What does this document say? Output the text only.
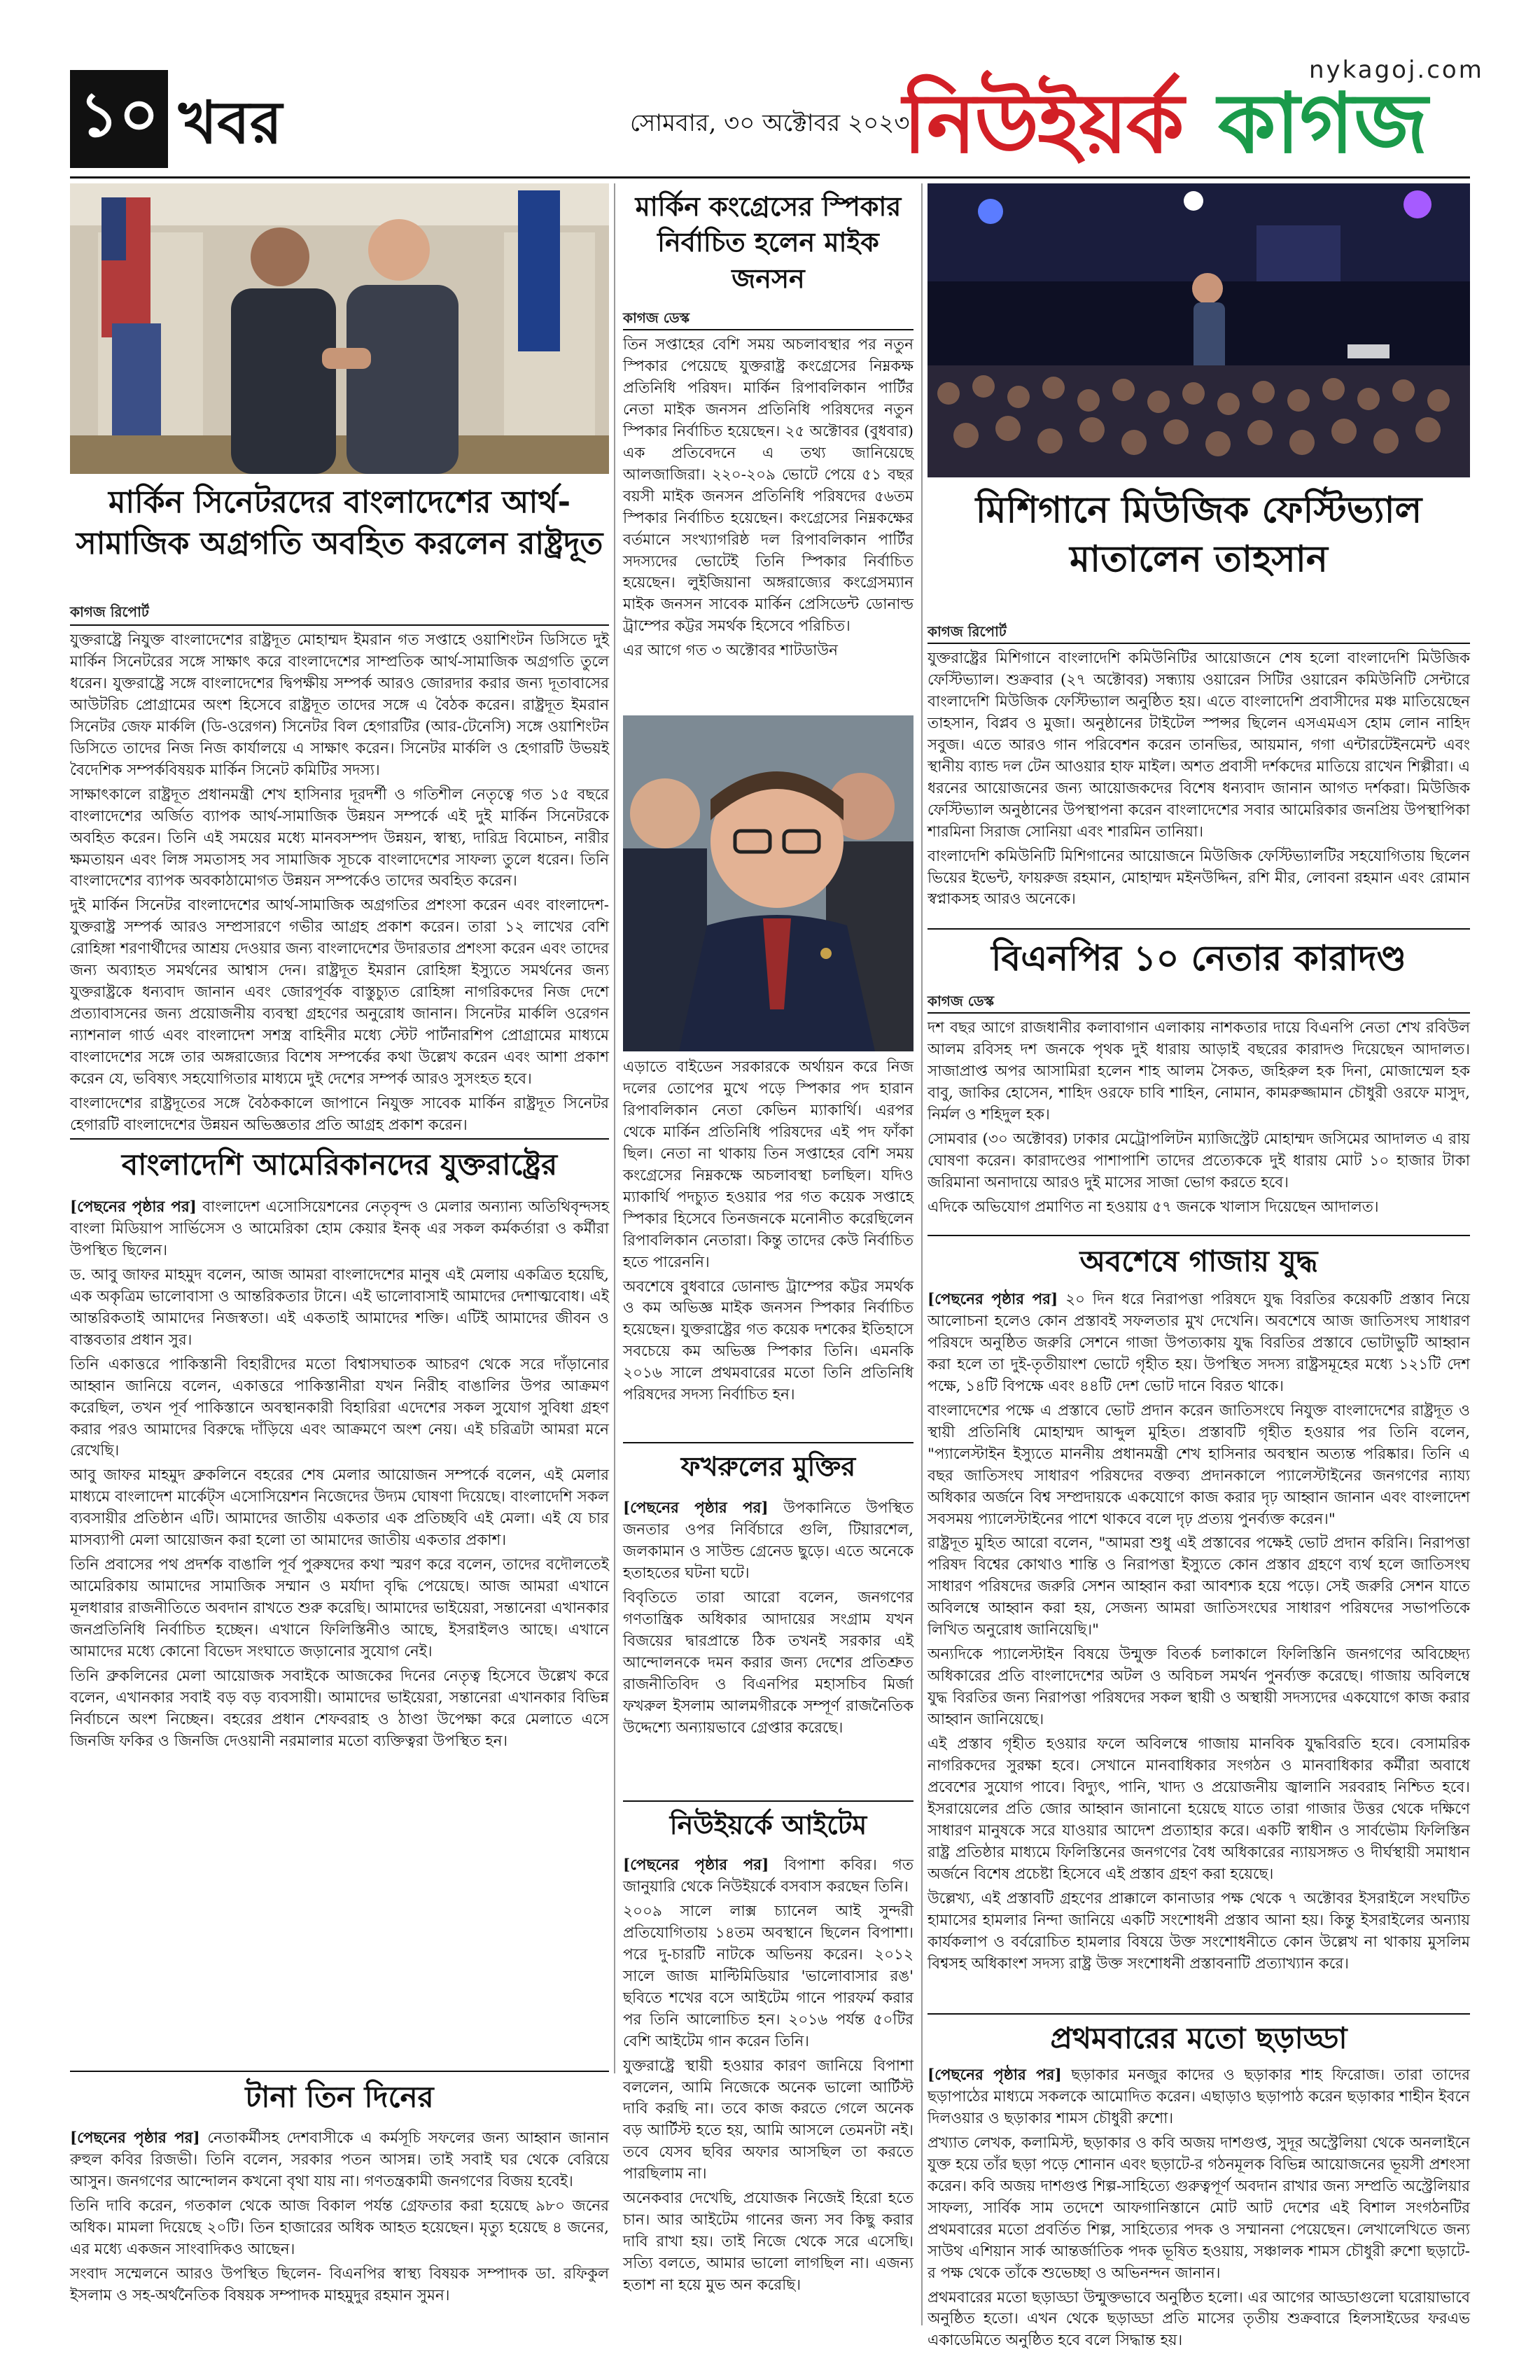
১০ খবর	সোমবার, ৩০ অক্টোবর ২০২৩
নিউইয়র্ক কাগজ
nykagoj.com
মার্কিন সিনেটরদের বাংলাদেশের আর্থ-সামাজিক অগ্রগতি অবহিত করলেন রাষ্ট্রদূত
কাগজ রিপোর্ট

যুক্তরাষ্ট্রে নিযুক্ত বাংলাদেশের রাষ্ট্রদূত মোহাম্মদ ইমরান গত সপ্তাহে ওয়াশিংটন ডিসিতে দুই মার্কিন সিনেটরের সঙ্গে সাক্ষাৎ করে বাংলাদেশের সাম্প্রতিক আর্থ-সামাজিক অগ্রগতি তুলে ধরেন। যুক্তরাষ্ট্রে সঙ্গে বাংলাদেশের দ্বিপক্ষীয় সম্পর্ক আরও জোরদার করার জন্য দূতাবাসের আউটরিচ প্রোগ্রামের অংশ হিসেবে রাষ্ট্রদূত তাদের সঙ্গে এ বৈঠক করেন। রাষ্ট্রদূত ইমরান সিনেটর জেফ মার্কলি (ডি-ওরেগন) সিনেটর বিল হেগারটির (আর-টেনেসি) সঙ্গে ওয়াশিংটন ডিসিতে তাদের নিজ নিজ কার্যালয়ে এ সাক্ষাৎ করেন। সিনেটর মার্কলি ও হেগারটি উভয়ই বৈদেশিক সম্পর্কবিষয়ক মার্কিন সিনেট কমিটির সদস্য।

সাক্ষাৎকালে রাষ্ট্রদূত প্রধানমন্ত্রী শেখ হাসিনার দূরদর্শী ও গতিশীল নেতৃত্বে গত ১৫ বছরে বাংলাদেশের অর্জিত ব্যাপক আর্থ-সামাজিক উন্নয়ন সম্পর্কে এই দুই মার্কিন সিনেটরকে অবহিত করেন। তিনি এই সময়ের মধ্যে মানবসম্পদ উন্নয়ন, স্বাস্থ্য, দারিদ্র বিমোচন, নারীর ক্ষমতায়ন এবং লিঙ্গ সমতাসহ সব সামাজিক সূচকে বাংলাদেশের সাফল্য তুলে ধরেন। তিনি বাংলাদেশের ব্যাপক অবকাঠামোগত উন্নয়ন সম্পর্কেও তাদের অবহিত করেন।

দুই মার্কিন সিনেটর বাংলাদেশের আর্থ-সামাজিক অগ্রগতির প্রশংসা করেন এবং বাংলাদেশ-যুক্তরাষ্ট্র সম্পর্ক আরও সম্প্রসারণে গভীর আগ্রহ প্রকাশ করেন। তারা ১২ লাখের বেশি রোহিঙ্গা শরণার্থীদের আশ্রয় দেওয়ার জন্য বাংলাদেশের উদারতার প্রশংসা করেন এবং তাদের জন্য অব্যাহত সমর্থনের আশ্বাস দেন। রাষ্ট্রদূত ইমরান রোহিঙ্গা ইস্যুতে সমর্থনের জন্য যুক্তরাষ্ট্রকে ধন্যবাদ জানান এবং জোরপূর্বক বাস্তুচ্যুত রোহিঙ্গা নাগরিকদের নিজ দেশে প্রত্যাবাসনের জন্য প্রয়োজনীয় ব্যবস্থা গ্রহণের অনুরোধ জানান। সিনেটর মার্কলি ওরেগন ন্যাশনাল গার্ড এবং বাংলাদেশ সশস্ত্র বাহিনীর মধ্যে স্টেট পার্টনারশিপ প্রোগ্রামের মাধ্যমে বাংলাদেশের সঙ্গে তার অঙ্গরাজ্যের বিশেষ সম্পর্কের কথা উল্লেখ করেন এবং আশা প্রকাশ করেন যে, ভবিষ্যৎ সহযোগিতার মাধ্যমে দুই দেশের সম্পর্ক আরও সুসংহত হবে।

বাংলাদেশের রাষ্ট্রদূতের সঙ্গে বৈঠককালে জাপানে নিযুক্ত সাবেক মার্কিন রাষ্ট্রদূত সিনেটর হেগারটি বাংলাদেশের উন্নয়ন অভিজ্ঞতার প্রতি আগ্রহ প্রকাশ করেন।

বাংলাদেশি আমেরিকানদের যুক্তরাষ্ট্রের

[পেছনের পৃষ্ঠার পর] বাংলাদেশ এসোসিয়েশনের নেতৃবৃন্দ ও মেলার অন্যান্য অতিথিবৃন্দসহ বাংলা মিডিয়াপ সার্ভিসেস ও আমেরিকা হোম কেয়ার ইনক্‌ এর সকল কর্মকর্তারা ও কর্মীরা উপস্থিত ছিলেন।

ড. আবু জাফর মাহমুদ বলেন, আজ আমরা বাংলাদেশের মানুষ এই মেলায় একত্রিত হয়েছি, এক অকৃত্রিম ভালোবাসা ও আন্তরিকতার টানে। এই ভালোবাসাই আমাদের দেশাত্মবোধ। এই আন্তরিকতাই আমাদের নিজস্বতা। এই একতাই আমাদের শক্তি। এটিই আমাদের জীবন ও বাস্তবতার প্রধান সুর।

তিনি একাত্তরে পাকিস্তানী বিহারীদের মতো বিশ্বাসঘাতক আচরণ থেকে সরে দাঁড়ানোর আহ্বান জানিয়ে বলেন, একাত্তরে পাকিস্তানীরা যখন নিরীহ বাঙালির উপর আক্রমণ করেছিল, তখন পূর্ব পাকিস্তানে অবস্থানকারী বিহারিরা এদেশের সকল সুযোগ সুবিধা গ্রহণ করার পরও আমাদের বিরুদ্ধে দাঁড়িয়ে এবং আক্রমণে অংশ নেয়। এই চরিত্রটা আমরা মনে রেখেছি।

আবু জাফর মাহমুদ ব্রুকলিনে বহরের শেষ মেলার আয়োজন সম্পর্কে বলেন, এই মেলার মাধ্যমে বাংলাদেশ মার্কেট্‌স এসোসিয়েশন নিজেদের উদ্যম ঘোষণা দিয়েছে। বাংলাদেশি সকল ব্যবসায়ীর প্রতিষ্ঠান এটি। আমাদের জাতীয় একতার এক প্রতিচ্ছবি এই মেলা। এই যে চার মাসব্যাপী মেলা আয়োজন করা হলো তা আমাদের জাতীয় একতার প্রকাশ।

তিনি প্রবাসের পথ প্রদর্শক বাঙালি পূর্ব পুরুষদের কথা স্মরণ করে বলেন, তাদের বদৌলতেই আমেরিকায় আমাদের সামাজিক সম্মান ও মর্যাদা বৃদ্ধি পেয়েছে। আজ আমরা এখানে মূলধারার রাজনীতিতে অবদান রাখতে শুরু করেছি। আমাদের ভাইয়েরা, সন্তানেরা এখানকার জনপ্রতিনিধি নির্বাচিত হচ্ছেন। এখানে ফিলিস্তিনীও আছে, ইসরাইলও আছে। এখানে আমাদের মধ্যে কোনো বিভেদ সংঘাতে জড়ানোর সুযোগ নেই।

তিনি ব্রুকলিনের মেলা আয়োজক সবাইকে আজকের দিনের নেতৃত্ব হিসেবে উল্লেখ করে বলেন, এখানকার সবাই বড় বড় ব্যবসায়ী। আমাদের ভাইয়েরা, সন্তানেরা এখানকার বিভিন্ন নির্বাচনে অংশ নিচ্ছেন। বহরের প্রধান শেফবরাহ ও ঠাণ্ডা উপেক্ষা করে মেলাতে এসে জিনজি ফকির ও জিনজি দেওয়ানী নরমালার মতো ব্যক্তিত্বরা উপস্থিত হন।

টানা তিন দিনের

[পেছনের পৃষ্ঠার পর] নেতাকর্মীসহ দেশবাসীকে এ কর্মসূচি সফলের জন্য আহ্বান জানান রুহুল কবির রিজভী। তিনি বলেন, সরকার পতন আসন্ন। তাই সবাই ঘর থেকে বেরিয়ে আসুন। জনগণের আন্দোলন কখনো বৃথা যায় না। গণতন্ত্রকামী জনগণের বিজয় হবেই।

তিনি দাবি করেন, গতকাল থেকে আজ বিকাল পর্যন্ত গ্রেফতার করা হয়েছে ৯৮০ জনের অধিক। মামলা দিয়েছে ২০টি। তিন হাজারের অধিক আহত হয়েছেন। মৃত্যু হয়েছে ৪ জনের, এর মধ্যে একজন সাংবাদিকও আছেন।

সংবাদ সম্মেলনে আরও উপস্থিত ছিলেন- বিএনপির স্বাস্থ্য বিষয়ক সম্পাদক ডা. রফিকুল ইসলাম ও সহ-অর্থনৈতিক বিষয়ক সম্পাদক মাহমুদুর রহমান সুমন।

মার্কিন কংগ্রেসের স্পিকার নির্বাচিত হলেন মাইক জনসন
কাগজ ডেস্ক

তিন সপ্তাহের বেশি সময় অচলাবস্থার পর নতুন স্পিকার পেয়েছে যুক্তরাষ্ট্র কংগ্রেসের নিম্নকক্ষ প্রতিনিধি পরিষদ। মার্কিন রিপাবলিকান পার্টির নেতা মাইক জনসন প্রতিনিধি পরিষদের নতুন স্পিকার নির্বাচিত হয়েছেন। ২৫ অক্টোবর (বুধবার) এক প্রতিবেদনে এ তথ্য জানিয়েছে আলজাজিরা। ২২০-২০৯ ভোটে পেয়ে ৫১ বছর বয়সী মাইক জনসন প্রতিনিধি পরিষদের ৫৬তম স্পিকার নির্বাচিত হয়েছেন। কংগ্রেসের নিম্নকক্ষের বর্তমানে সংখ্যাগরিষ্ঠ দল রিপাবলিকান পার্টির সদস্যদের ভোটেই তিনি স্পিকার নির্বাচিত হয়েছেন। লুইজিয়ানা অঙ্গরাজ্যের কংগ্রেসম্যান মাইক জনসন সাবেক মার্কিন প্রেসিডেন্ট ডোনাল্ড ট্রাম্পের কট্টর সমর্থক হিসেবে পরিচিত।

এর আগে গত ৩ অক্টোবর শাটডাউন

এড়াতে বাইডেন সরকারকে অর্থায়ন করে নিজ দলের তোপের মুখে পড়ে স্পিকার পদ হারান রিপাবলিকান নেতা কেভিন ম্যাকার্থি। এরপর থেকে মার্কিন প্রতিনিধি পরিষদের এই পদ ফাঁকা ছিল। নেতা না থাকায় তিন সপ্তাহের বেশি সময় কংগ্রেসের নিম্নকক্ষে অচলাবস্থা চলছিল। যদিও ম্যাকার্থি পদচ্যুত হওয়ার পর গত কয়েক সপ্তাহে স্পিকার হিসেবে তিনজনকে মনোনীত করেছিলেন রিপাবলিকান নেতারা। কিন্তু তাদের কেউ নির্বাচিত হতে পারেননি।

অবশেষে বুধবারে ডোনাল্ড ট্রাম্পের কট্টর সমর্থক ও কম অভিজ্ঞ মাইক জনসন স্পিকার নির্বাচিত হয়েছেন। যুক্তরাষ্ট্রের গত কয়েক দশকের ইতিহাসে সবচেয়ে কম অভিজ্ঞ স্পিকার তিনি। এমনকি ২০১৬ সালে প্রথমবারের মতো তিনি প্রতিনিধি পরিষদের সদস্য নির্বাচিত হন।

ফখরুলের মুক্তির

[পেছনের পৃষ্ঠার পর] উপকানিতে উপস্থিত জনতার ওপর নির্বিচারে গুলি, টিয়ারশেল, জলকামান ও সাউন্ড গ্রেনেড ছুড়ে। এতে অনেকে হতাহতের ঘটনা ঘটে।

বিবৃতিতে তারা আরো বলেন, জনগণের গণতান্ত্রিক অধিকার আদায়ের সংগ্রাম যখন বিজয়ের দ্বারপ্রান্তে ঠিক তখনই সরকার এই আন্দোলনকে দমন করার জন্য দেশের প্রতিশ্রুত রাজনীতিবিদ ও বিএনপির মহাসচিব মির্জা ফখরুল ইসলাম আলমগীরকে সম্পূর্ণ রাজনৈতিক উদ্দেশ্যে অন্যায়ভাবে গ্রেপ্তার করেছে।

নিউইয়র্কে আইটেম

[পেছনের পৃষ্ঠার পর] বিপাশা কবির। গত জানুয়ারি থেকে নিউইয়র্কে বসবাস করছেন তিনি।

২০০৯ সালে লাক্স চ্যানেল আই সুন্দরী প্রতিযোগিতায় ১৪তম অবস্থানে ছিলেন বিপাশা। পরে দু-চারটি নাটকে অভিনয় করেন। ২০১২ সালে জাজ মাল্টিমিডিয়ার 'ভালোবাসার রঙ' ছবিতে শখের বসে আইটেম গানে পারফর্ম করার পর তিনি আলোচিত হন। ২০১৬ পর্যন্ত ৫০টির বেশি আইটেম গান করেন তিনি।

যুক্তরাষ্ট্রে স্থায়ী হওয়ার কারণ জানিয়ে বিপাশা বললেন, আমি নিজেকে অনেক ভালো আর্টিস্ট দাবি করছি না। তবে কাজ করতে গেলে অনেক বড় আর্টিস্ট হতে হয়, আমি আসলে তেমনটা নই। তবে যেসব ছবির অফার আসছিল তা করতে পারছিলাম না।

অনেকবার দেখেছি, প্রযোজক নিজেই হিরো হতে চান। আর আইটেম গানের জন্য সব কিছু করার দাবি রাখা হয়। তাই নিজে থেকে সরে এসেছি। সত্যি বলতে, আমার ভালো লাগছিল না। এজন্য হতাশ না হয়ে মুভ অন করেছি।

মিশিগানে মিউজিক ফেস্টিভ্যাল মাতালেন তাহসান
কাগজ রিপোর্ট

যুক্তরাষ্ট্রের মিশিগানে বাংলাদেশি কমিউনিটির আয়োজনে শেষ হলো বাংলাদেশি মিউজিক ফেস্টিভ্যাল। শুক্রবার (২৭ অক্টোবর) সন্ধ্যায় ওয়ারেন সিটির ওয়ারেন কমিউনিটি সেন্টারে বাংলাদেশি মিউজিক ফেস্টিভ্যাল অনুষ্ঠিত হয়। এতে বাংলাদেশি প্রবাসীদের মঞ্চ মাতিয়েছেন তাহসান, বিপ্লব ও মুজা। অনুষ্ঠানের টাইটেল স্পন্সর ছিলেন এসএমএস হোম লোন নাহিদ সবুজ। এতে আরও গান পরিবেশন করেন তানভির, আয়মান, গগা এন্টারটেইনমেন্ট এবং স্থানীয় ব্যান্ড দল টেন আওয়ার হাফ মাইল। অশত প্রবাসী দর্শকদের মাতিয়ে রাখেন শিল্পীরা। এ ধরনের আয়োজনের জন্য আয়োজকদের বিশেষ ধন্যবাদ জানান আগত দর্শকরা। মিউজিক ফেস্টিভ্যাল অনুষ্ঠানের উপস্থাপনা করেন বাংলাদেশের সবার আমেরিকার জনপ্রিয় উপস্থাপিকা শারমিনা সিরাজ সোনিয়া এবং শারমিন তানিয়া।

বাংলাদেশি কমিউনিটি মিশিগানের আয়োজনে মিউজিক ফেস্টিভ্যালটির সহযোগিতায় ছিলেন ভিয়ের ইভেন্ট, ফায়রুজ রহমান, মোহাম্মদ মইনউদ্দিন, রশি মীর, লোবনা রহমান এবং রোমান স্বপ্নাকসহ আরও অনেকে।

বিএনপির ১০ নেতার কারাদণ্ড
কাগজ ডেস্ক

দশ বছর আগে রাজধানীর কলাবাগান এলাকায় নাশকতার দায়ে বিএনপি নেতা শেখ রবিউল আলম রবিসহ দশ জনকে পৃথক দুই ধারায় আড়াই বছরের কারাদণ্ড দিয়েছেন আদালত। সাজাপ্রাপ্ত অপর আসামিরা হলেন শাহ আলম সৈকত, জহিরুল হক দিনা, মোজাম্মেল হক বাবু, জাকির হোসেন, শাহিদ ওরফে চাবি শাহিন, নোমান, কামরুজ্জামান চৌধুরী ওরফে মাসুদ, নির্মল ও শহিদুল হক।

সোমবার (৩০ অক্টোবর) ঢাকার মেট্রোপলিটন ম্যাজিস্ট্রেট মোহাম্মদ জসিমের আদালত এ রায় ঘোষণা করেন। কারাদণ্ডের পাশাপাশি তাদের প্রত্যেককে দুই ধারায় মোট ১০ হাজার টাকা জরিমানা অনাদায়ে আরও দুই মাসের সাজা ভোগ করতে হবে।

এদিকে অভিযোগ প্রমাণিত না হওয়ায় ৫৭ জনকে খালাস দিয়েছেন আদালত।

অবশেষে গাজায় যুদ্ধ

[পেছনের পৃষ্ঠার পর] ২০ দিন ধরে নিরাপত্তা পরিষদে যুদ্ধ বিরতির কয়েকটি প্রস্তাব নিয়ে আলোচনা হলেও কোন প্রস্তাবই সফলতার মুখ দেখেনি। অবশেষে আজ জাতিসংঘ সাধারণ পরিষদে অনুষ্ঠিত জরুরি সেশনে গাজা উপত্যকায় যুদ্ধ বিরতির প্রস্তাবে ভোটাভুটি আহ্বান করা হলে তা দুই-তৃতীয়াংশ ভোটে গৃহীত হয়। উপস্থিত সদস্য রাষ্ট্রসমূহের মধ্যে ১২১টি দেশ পক্ষে, ১৪টি বিপক্ষে এবং ৪৪টি দেশ ভোট দানে বিরত থাকে।

বাংলাদেশের পক্ষে এ প্রস্তাবে ভোট প্রদান করেন জাতিসংঘে নিযুক্ত বাংলাদেশের রাষ্ট্রদূত ও স্থায়ী প্রতিনিধি মোহাম্মদ আব্দুল মুহিত। প্রস্তাবটি গৃহীত হওয়ার পর তিনি বলেন, "প্যালেস্টাইন ইস্যুতে মাননীয় প্রধানমন্ত্রী শেখ হাসিনার অবস্থান অত্যন্ত পরিষ্কার। তিনি এ বছর জাতিসংঘ সাধারণ পরিষদের বক্তব্য প্রদানকালে প্যালেস্টাইনের জনগণের ন্যায্য অধিকার অর্জনে বিশ্ব সম্প্রদায়কে একযোগে কাজ করার দৃঢ় আহ্বান জানান এবং বাংলাদেশ সবসময় প্যালেস্টাইনের পাশে থাকবে বলে দৃঢ় প্রত্যয় পুনর্ব্যক্ত করেন।"

রাষ্ট্রদূত মুহিত আরো বলেন, "আমরা শুধু এই প্রস্তাবের পক্ষেই ভোট প্রদান করিনি। নিরাপত্তা পরিষদ বিশ্বের কোথাও শান্তি ও নিরাপত্তা ইস্যুতে কোন প্রস্তাব গ্রহণে ব্যর্থ হলে জাতিসংঘ সাধারণ পরিষদের জরুরি সেশন আহ্বান করা আবশ্যক হয়ে পড়ে। সেই জরুরি সেশন যাতে অবিলম্বে আহ্বান করা হয়, সেজন্য আমরা জাতিসংঘের সাধারণ পরিষদের সভাপতিকে লিখিত অনুরোধ জানিয়েছি।"

অন্যদিকে প্যালেস্টাইন বিষয়ে উন্মুক্ত বিতর্ক চলাকালে ফিলিস্তিনি জনগণের অবিচ্ছেদ্য অধিকারের প্রতি বাংলাদেশের অটল ও অবিচল সমর্থন পুনর্ব্যক্ত করেছে। গাজায় অবিলম্বে যুদ্ধ বিরতির জন্য নিরাপত্তা পরিষদের সকল স্থায়ী ও অস্থায়ী সদস্যদের একযোগে কাজ করার আহ্বান জানিয়েছে।

এই প্রস্তাব গৃহীত হওয়ার ফলে অবিলম্বে গাজায় মানবিক যুদ্ধবিরতি হবে। বেসামরিক নাগরিকদের সুরক্ষা হবে। সেখানে মানবাধিকার সংগঠন ও মানবাধিকার কর্মীরা অবাধে প্রবেশের সুযোগ পাবে। বিদ্যুৎ, পানি, খাদ্য ও প্রয়োজনীয় জ্বালানি সরবরাহ নিশ্চিত হবে। ইসরায়েলের প্রতি জোর আহ্বান জানানো হয়েছে যাতে তারা গাজার উত্তর থেকে দক্ষিণে সাধারণ মানুষকে সরে যাওয়ার আদেশ প্রত্যাহার করে। একটি স্বাধীন ও সার্বভৌম ফিলিস্তিন রাষ্ট্র প্রতিষ্ঠার মাধ্যমে ফিলিস্তিনের জনগণের বৈধ অধিকারের ন্যায়সঙ্গত ও দীর্ঘস্থায়ী সমাধান অর্জনে বিশেষ প্রচেষ্টা হিসেবে এই প্রস্তাব গ্রহণ করা হয়েছে।

উল্লেখ্য, এই প্রস্তাবটি গ্রহণের প্রাক্কালে কানাডার পক্ষ থেকে ৭ অক্টোবর ইসরাইলে সংঘটিত হামাসের হামলার নিন্দা জানিয়ে একটি সংশোধনী প্রস্তাব আনা হয়। কিন্তু ইসরাইলের অন্যায় কার্যকলাপ ও বর্বরোচিত হামলার বিষয়ে উক্ত সংশোধনীতে কোন উল্লেখ না থাকায় মুসলিম বিশ্বসহ অধিকাংশ সদস্য রাষ্ট্র উক্ত সংশোধনী প্রস্তাবনাটি প্রত্যাখ্যান করে।

প্রথমবারের মতো ছড়াড্ডা

[পেছনের পৃষ্ঠার পর] ছড়াকার মনজুর কাদের ও ছড়াকার শাহ ফিরোজ। তারা তাদের ছড়াপাঠের মাধ্যমে সকলকে আমোদিত করেন। এছাড়াও ছড়াপাঠ করেন ছড়াকার শাহীন ইবনে দিলওয়ার ও ছড়াকার শামস চৌধুরী রুশো।

প্রখ্যাত লেখক, কলামিস্ট, ছড়াকার ও কবি অজয় দাশগুপ্ত, সুদূর অস্ট্রেলিয়া থেকে অনলাইনে যুক্ত হয়ে তাঁর ছড়া পড়ে শোনান এবং ছড়াটে-র গঠনমূলক বিভিন্ন আয়োজনের ভূয়সী প্রশংসা করেন। কবি অজয় দাশগুপ্ত শিল্প-সাহিত্যে গুরুত্বপূর্ণ অবদান রাখার জন্য সম্প্রতি অস্ট্রেলিয়ার সাফল্য, সার্বিক সাম তদেশে আফগানিস্তানে মোট আট দেশের এই বিশাল সংগঠনটির প্রথমবারের মতো প্রবর্তিত শিল্প, সাহিত্যের পদক ও সম্মাননা পেয়েছেন। লেখালেখিতে জন্য সাউথ এশিয়ান সার্ক আন্তর্জাতিক পদক ভূষিত হওয়ায়, সঞ্চালক শামস চৌধুরী রুশো ছড়াটে-র পক্ষ থেকে তাঁকে শুভেচ্ছা ও অভিনন্দন জানান।

প্রথমবারের মতো ছড়াড্ডা উন্মুক্তভাবে অনুষ্ঠিত হলো। এর আগের আড্ডাগুলো ঘরোয়াভাবে অনুষ্ঠিত হতো। এখন থেকে ছড়াড্ডা প্রতি মাসের তৃতীয় শুক্রবারে হিলসাইডের ফরএভ একাডেমিতে অনুষ্ঠিত হবে বলে সিদ্ধান্ত হয়।
